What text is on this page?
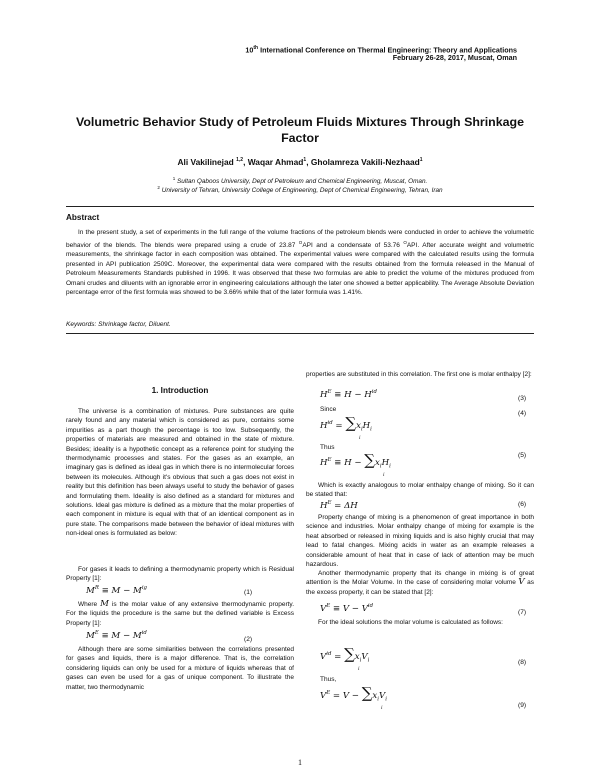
10th International Conference on Thermal Engineering: Theory and Applications
February 26-28, 2017, Muscat, Oman
Volumetric Behavior Study of Petroleum Fluids Mixtures Through Shrinkage Factor
Ali Vakilinejad $^{1,2}$, Waqar Ahmad$^1$, Gholamreza Vakili-Nezhaad$^1$
$^1$ Sultan Qaboos University, Dept of Petroleum and Chemical Engineering, Muscat, Oman.
$^2$ University of Tehran, University College of Engineering, Dept of Chemical Engineering, Tehran, Iran
Abstract
In the present study, a set of experiments in the full range of the volume fractions of the petroleum blends were conducted in order to achieve the volumetric behavior of the blends. The blends were prepared using a crude of 23.87 $^O$API and a condensate of 53.76 $^O$API. After accurate weight and volumetric measurements, the shrinkage factor in each composition was obtained. The experimental values were compared with the calculated results using the formula presented in API publication 2509C. Moreover, the experimental data were compared with the results obtained from the formula released in the Manual of Petroleum Measurements Standards published in 1996. It was observed that these two formulas are able to predict the volume of the mixtures produced from Omani crudes and diluents with an ignorable error in engineering calculations although the later one showed a better applicability. The Average Absolute Deviation percentage error of the first formula was showed to be 3.66% while that of the later formula was 1.41%.
Keywords: Shrinkage factor, Diluent.
1. Introduction

The universe is a combination of mixtures. Pure substances are quite rarely found and any material which is considered as pure, contains some impurities as a part though the percentage is too low. Subsequently, the properties of materials are measured and obtained in the state of mixture. Besides; ideality is a hypothetic concept as a reference point for studying the thermodynamic processes and states. For the gases as an example, an imaginary gas is defined as ideal gas in which there is no intermolecular forces between its molecules. Although it's obvious that such a gas does not exist in reality but this definition has been always useful to study the behavior of gases and formulating them. Ideality is also defined as a standard for mixtures and solutions. Ideal gas mixture is defined as a mixture that the molar properties of each component in mixture is equal with that of an identical component as in pure state. The comparisons made between the behavior of ideal mixtures with non-ideal ones is formulated as below:

For gases it leads to defining a thermodynamic property which is Residual Property [1]:

$M^R \equiv M - M^{ig}$
(1)

Where M is the molar value of any extensive thermodynamic property. For the liquids the procedure is the same but the defined variable is Excess Property [1]:

$M^E \equiv M - M^{id}$
(2)

Although there are some similarities between the correlations presented for gases and liquids, there is a major difference. That is, the correlation considering liquids can only be used for a mixture of liquids whereas that of gases can even be used for a gas of unique component. To illustrate the matter, two thermodynamic

properties are substituted in this correlation. The first one is molar enthalpy [2]:

$H^E \equiv H - H^{id}$
(3)
Since
$H^{id} = \sum x_iH_i$
i
(4)
Thus
$H^E \equiv H - \sum x_iH_i$
i
(5)

Which is exactly analogous to molar enthalpy change of mixing. So it can be stated that:

$H^E = \Delta H$	(6)

Property change of mixing is a phenomenon of great importance in both science and industries. Molar enthalpy change of mixing for example is the heat absorbed or released in mixing liquids and is also highly crucial that may lead to fatal changes. Mixing acids in water as an example releases a considerable amount of heat that in case of lack of attention may be much hazardous.

Another thermodynamic property that its change in mixing is of great attention is the Molar Volume. In the case of considering molar volume V as the excess property, it can be stated that [2]:

$V^E \equiv V - V^{id}$
(7)

For the ideal solutions the molar volume is calculated as follows:

$V^{id} = \sum x_iV_i$
i
(8)
Thus,
$V^E = V - \sum x_iV_i$
i	(9)
1
